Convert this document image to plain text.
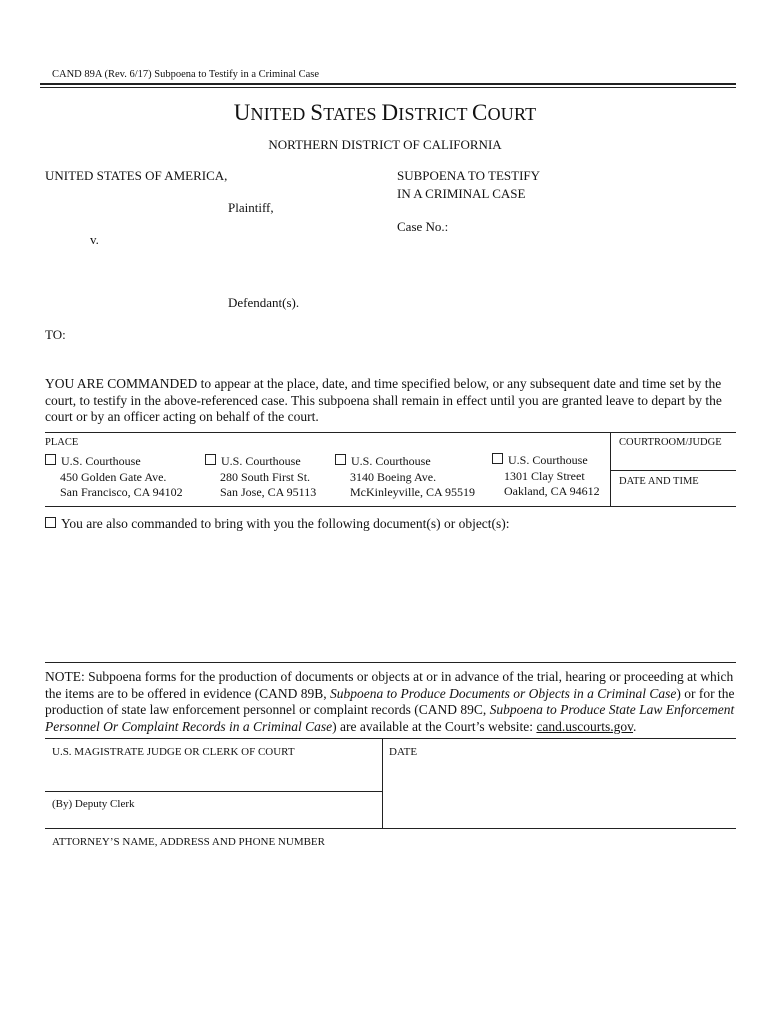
CAND 89A (Rev. 6/17) Subpoena to Testify in a Criminal Case
UNITED STATES DISTRICT COURT
NORTHERN DISTRICT OF CALIFORNIA
UNITED STATES OF AMERICA,
Plaintiff,
v.
Defendant(s).
SUBPOENA TO TESTIFY
IN A CRIMINAL CASE
Case No.:
TO:
YOU ARE COMMANDED to appear at the place, date, and time specified below, or any subsequent date and time set by the court, to testify in the above-referenced case. This subpoena shall remain in effect until you are granted leave to depart by the court or by an officer acting on behalf of the court.
PLACE	COURTROOM/JUDGE
DATE AND TIME
U.S. Courthouse
450 Golden Gate Ave.
San Francisco, CA 94102
U.S. Courthouse
280 South First St.
San Jose, CA 95113
U.S. Courthouse
3140 Boeing Ave.
McKinleyville, CA 95519
U.S. Courthouse
1301 Clay Street
Oakland, CA 94612
You are also commanded to bring with you the following document(s) or object(s):
NOTE: Subpoena forms for the production of documents or objects at or in advance of the trial, hearing or proceeding at which the items are to be offered in evidence (CAND 89B, Subpoena to Produce Documents or Objects in a Criminal Case) or for the production of state law enforcement personnel or complaint records (CAND 89C, Subpoena to Produce State Law Enforcement Personnel Or Complaint Records in a Criminal Case) are available at the Court’s website: cand.uscourts.gov.
U.S. MAGISTRATE JUDGE OR CLERK OF COURT	DATE
(By) Deputy Clerk
ATTORNEY’S NAME, ADDRESS AND PHONE NUMBER
